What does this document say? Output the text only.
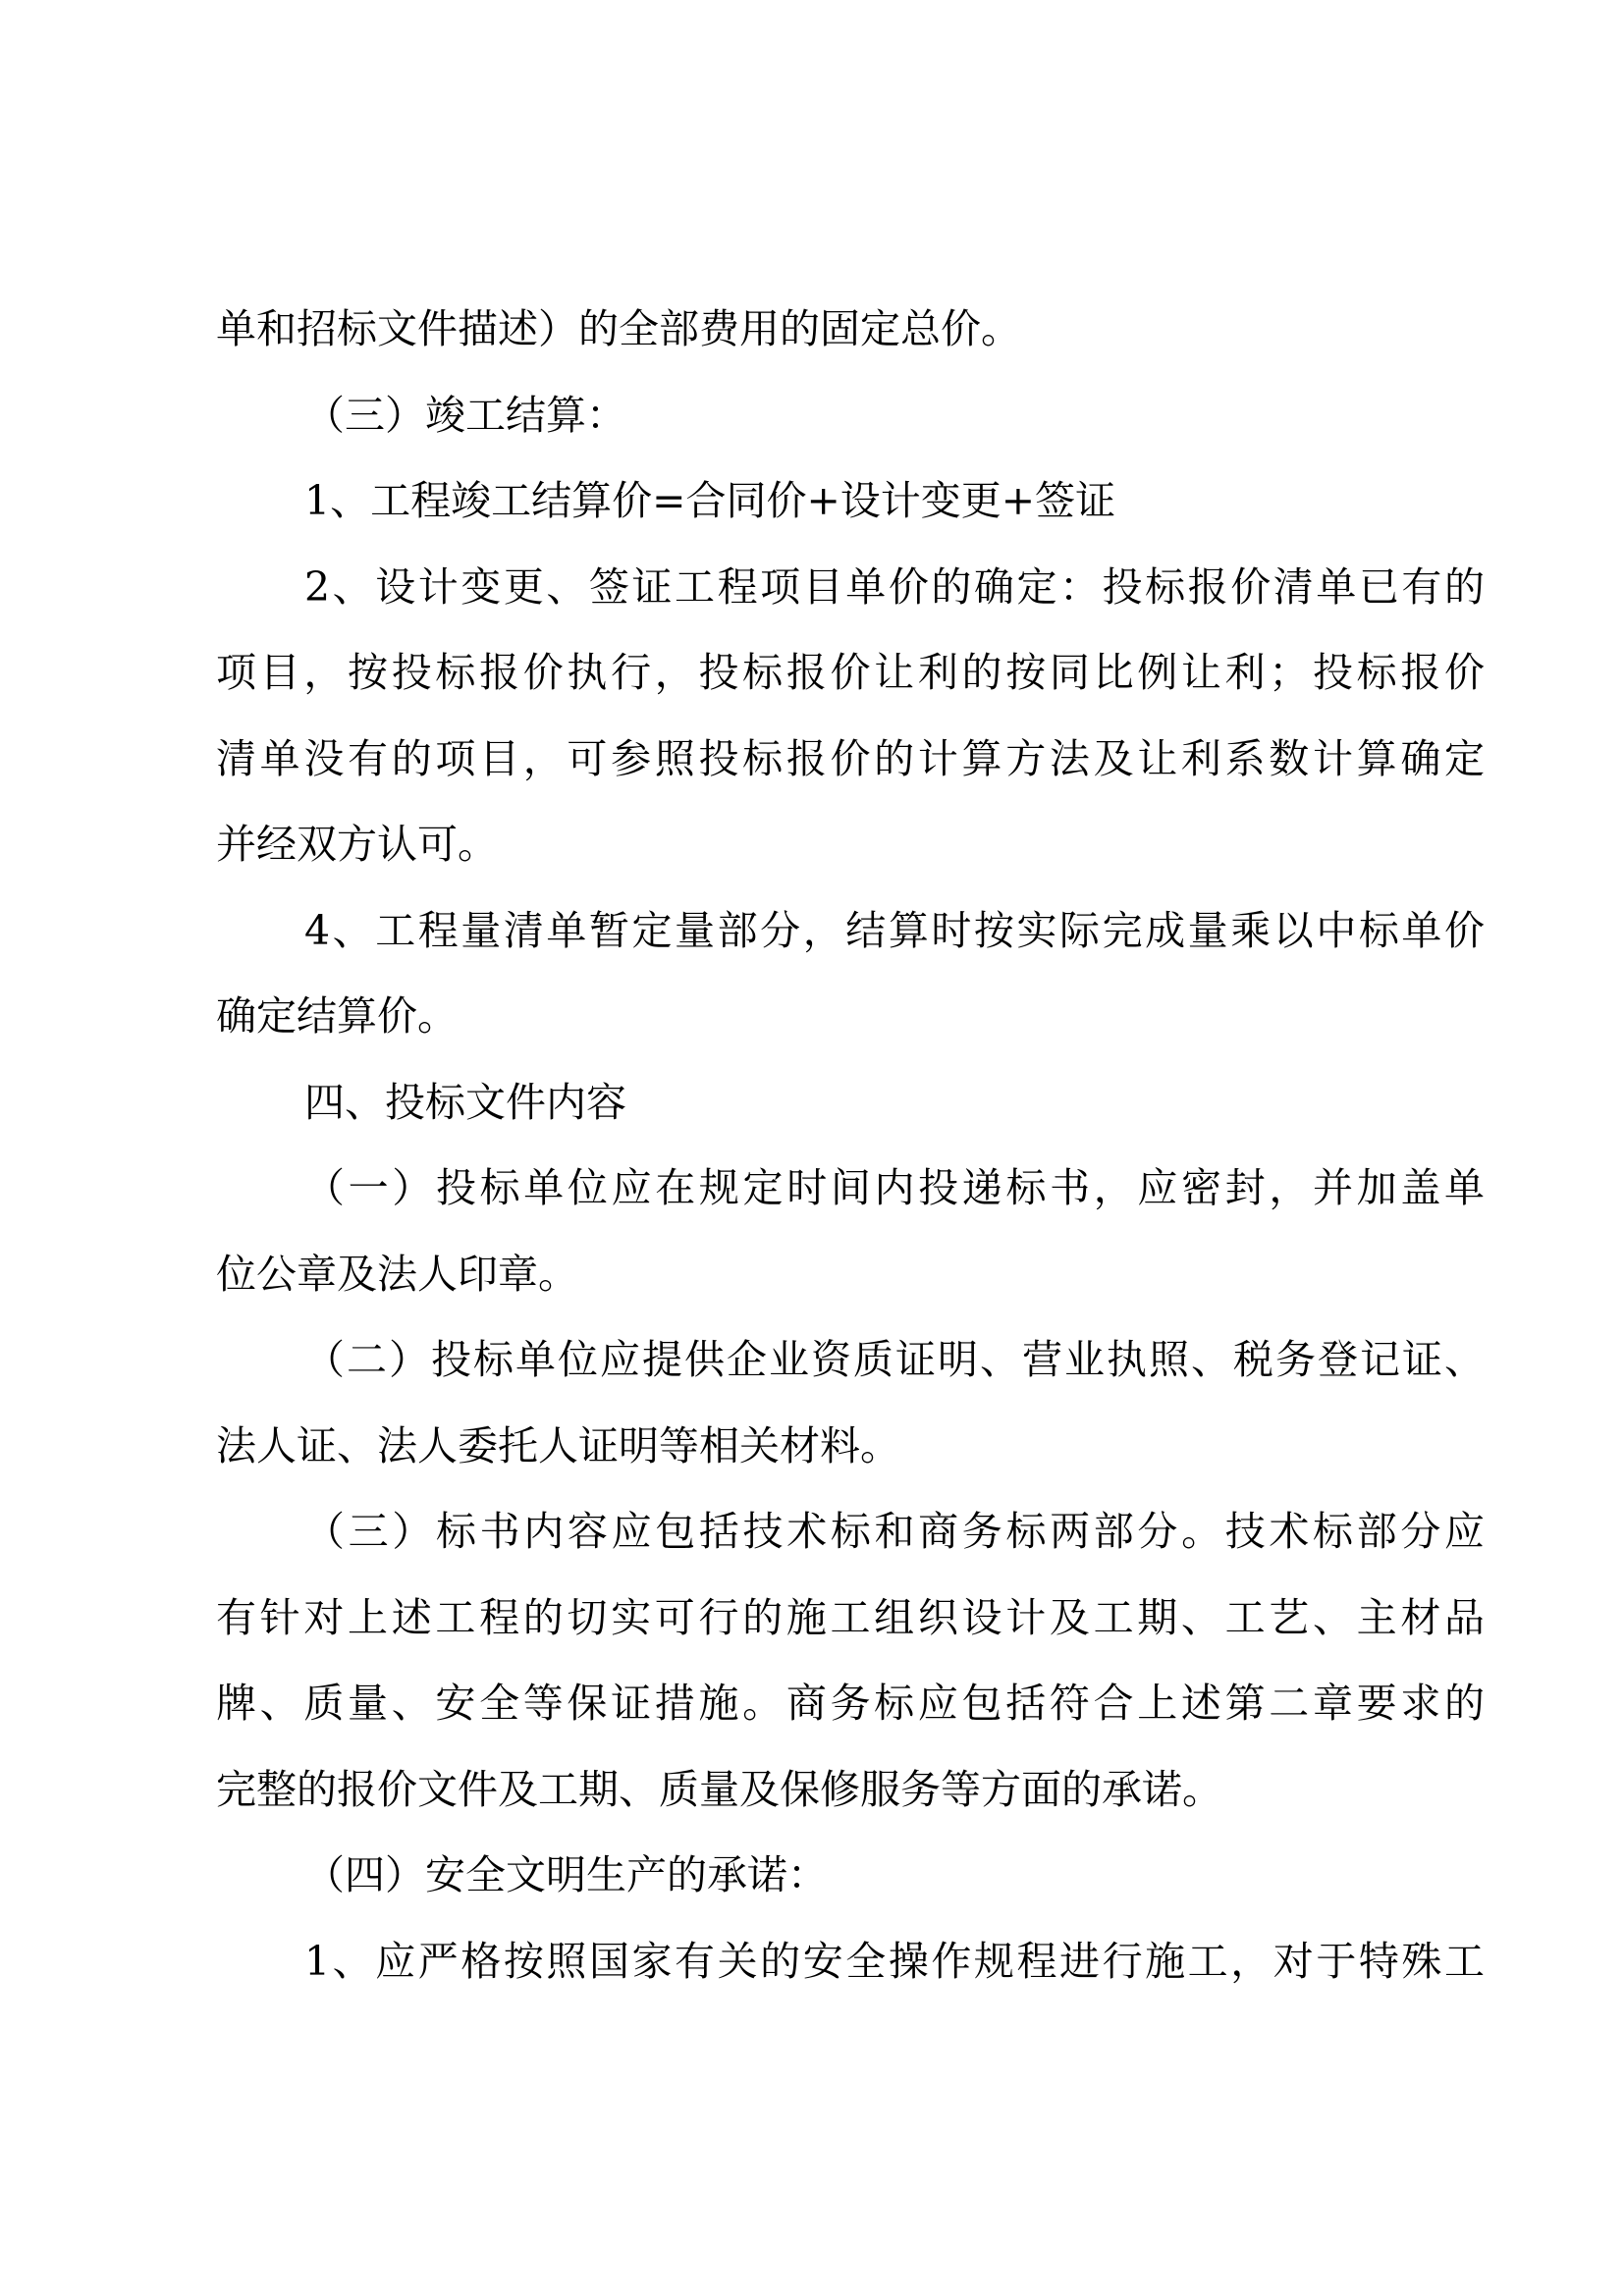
单和招标文件描述）的全部费用的固定总价。
（三）竣工结算：
1、工程竣工结算价=合同价+设计变更+签证
2、设计变更、签证工程项目单价的确定：投标报价清单已有的
项目，按投标报价执行，投标报价让利的按同比例让利；投标报价
清单没有的项目，可参照投标报价的计算方法及让利系数计算确定
并经双方认可。
4、工程量清单暂定量部分，结算时按实际完成量乘以中标单价
确定结算价。
四、投标文件内容
（一）投标单位应在规定时间内投递标书，应密封，并加盖单
位公章及法人印章。
（二）投标单位应提供企业资质证明、营业执照、税务登记证、
法人证、法人委托人证明等相关材料。
（三）标书内容应包括技术标和商务标两部分。技术标部分应
有针对上述工程的切实可行的施工组织设计及工期、工艺、主材品
牌、质量、安全等保证措施。商务标应包括符合上述第二章要求的
完整的报价文件及工期、质量及保修服务等方面的承诺。
（四）安全文明生产的承诺：
1、应严格按照国家有关的安全操作规程进行施工，对于特殊工
